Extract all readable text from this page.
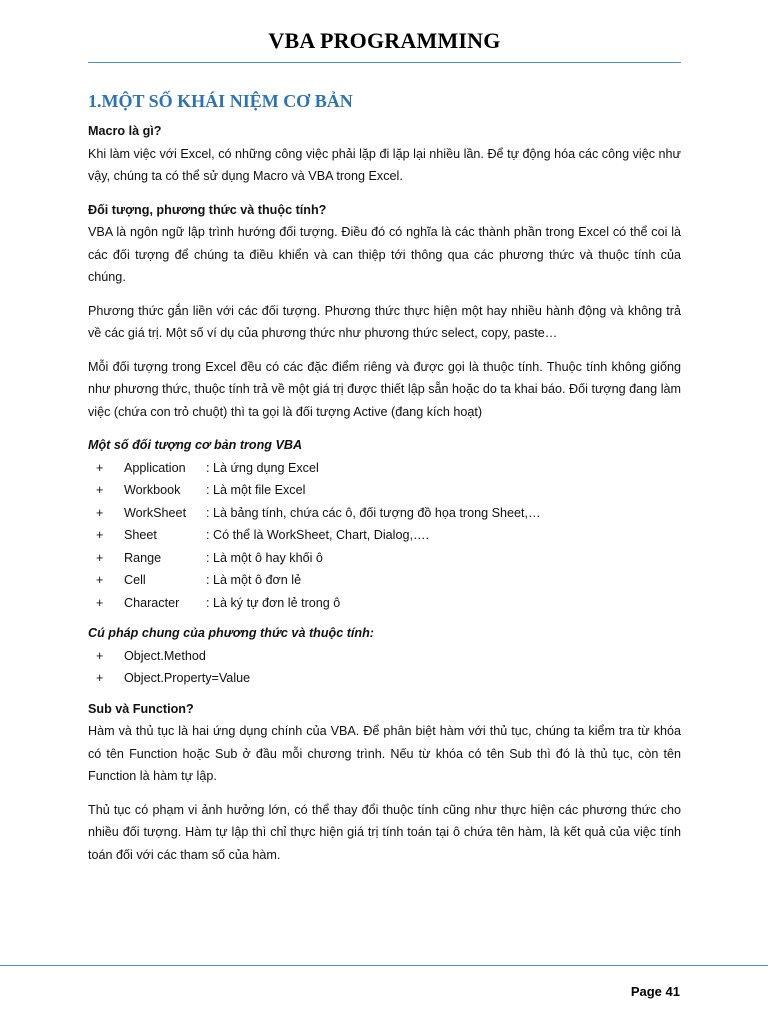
VBA PROGRAMMING
1.MỘT SỐ KHÁI NIỆM CƠ BẢN

Macro là gì?

Khi làm việc với Excel, có những công việc phải lặp đi lặp lại nhiều lần. Để tự động hóa các công việc như vậy, chúng ta có thể sử dụng Macro và VBA trong Excel.

Đối tượng, phương thức và thuộc tính?

VBA là ngôn ngữ lập trình hướng đối tượng. Điều đó có nghĩa là các thành phần trong Excel có thể coi là các đối tượng để chúng ta điều khiển và can thiệp tới thông qua các phương thức và thuộc tính của chúng.

Phương thức gắn liền với các đối tượng. Phương thức thực hiện một hay nhiều hành động và không trả về các giá trị. Một số ví dụ của phương thức như phương thức select, copy, paste…

Mỗi đối tượng trong Excel đều có các đặc điểm riêng và được gọi là thuộc tính. Thuộc tính không giống như phương thức, thuộc tính trả về một giá trị được thiết lập sẵn hoặc do ta khai báo. Đối tượng đang làm việc (chứa con trỏ chuột) thì ta gọi là đối tượng Active (đang kích hoạt)

Một số đối tượng cơ bản trong VBA

+	Application	: Là ứng dụng Excel
+	Workbook	: Là một file Excel
+	WorkSheet	: Là bảng tính, chứa các ô, đối tượng đồ họa trong Sheet,…
+	Sheet	: Có thể là WorkSheet, Chart, Dialog,….
+	Range	: Là một ô hay khối ô
+	Cell	: Là một ô đơn lẻ
+	Character	: Là ký tự đơn lẻ trong ô

Cú pháp chung của phương thức và thuộc tính:

+	Object.Method
+	Object.Property=Value

Sub và Function?

Hàm và thủ tục là hai ứng dụng chính của VBA. Để phân biệt hàm với thủ tục, chúng ta kiểm tra từ khóa có tên Function hoặc Sub ở đầu mỗi chương trình. Nếu từ khóa có tên Sub thì đó là thủ tục, còn tên Function là hàm tự lập.

Thủ tục có phạm vi ảnh hưởng lớn, có thể thay đổi thuộc tính cũng như thực hiện các phương thức cho nhiều đối tượng. Hàm tự lập thì chỉ thực hiện giá trị tính toán tại ô chứa tên hàm, là kết quả của việc tính toán đối với các tham số của hàm.

Page 41
